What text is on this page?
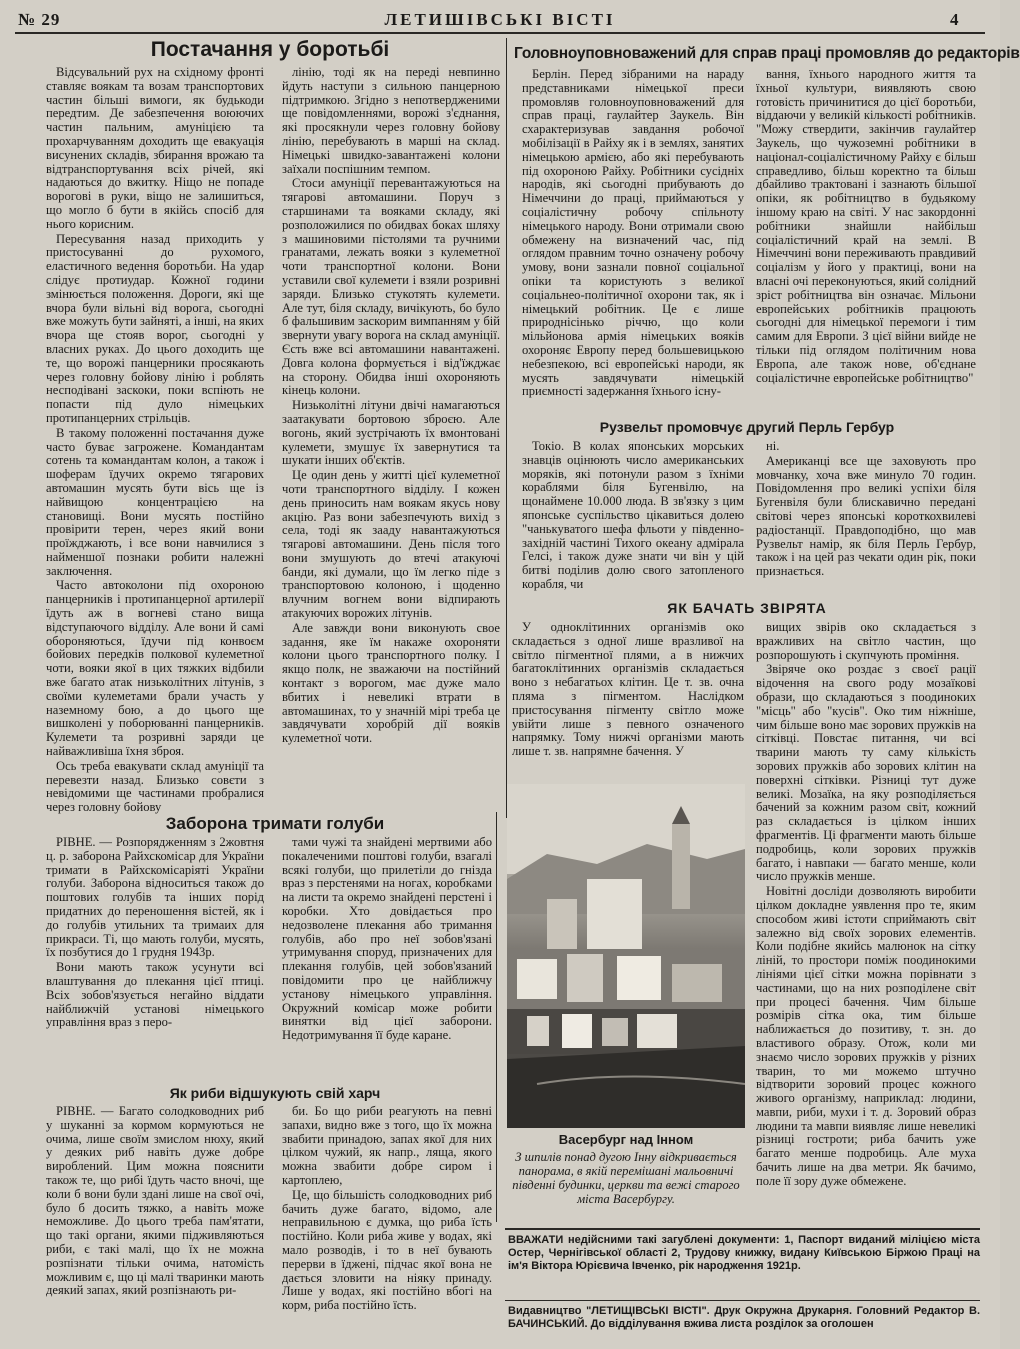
№ 29	ЛЕТИШІВСЬКІ ВІСТІ	4
Постачання у боротьбі

Відсувальний рух на східному фронті ставляє воякам та возам транспортових частин більші вимоги, як будькоди передтим. Де забезпечення воюючих частин пальним, амуніцією та прохарчуванням доходить ще евакуація висунених складів, збирання врожаю та відтранспортування всіх річей, які надаються до вжитку. Ніщо не попаде ворогові в руки, віщо не залишиться, що могло б бути в якійсь спосіб для нього корисним.

Пересування назад приходить у пристосуванні до рухомого, еластичного ведення боротьби. На удар слідує протиудар. Кожної години змінюється положення. Дороги, які ще вчора були вільні від ворога, сьогодні вже можуть бути зайняті, а інші, на яких вчора ще стояв ворог, сьогодні у власних руках. До цього доходить ще те, що ворожі панцерники просякають через головну бойову лінію і роблять несподівані заскоки, поки вспіють не попасти під дуло німецьких протипанцерних стрільців.

В такому положенні постачання дуже часто буває загрожене. Командантам сотень та командантам колон, а також і шоферам їдучих окремо тягарових автомашин мусять бути вісь ще із найвищою концентрацією на становищі. Вони мусять постійно провірити терен, через який вони проїжджають, і все вони навчилися з найменшої познаки робити належні заключення.

Часто автоколони під охороною панцерників і протипанцерної артилерії їдуть аж в вогневі стано вища відступаючого відділу. Але вони й самі обороняються, їдучи під конвоєм бойових передків полкової кулеметної чоти, вояки якої в цих тяжких відбили вже багато атак низьколітних літунів, з своїми кулеметами брали участь у наземному бою, а до цього ще вишколені у поборюванні панцерників. Кулемети та розривні заряди це найважливіша їхня зброя.

Ось треба евакувати склад амуніції та перевезти назад. Близько совєти з невідомими ще частинами пробралися через головну бойову

лінію, тоді як на переді невпинно йдуть наступи з сильною панцерною підтримкою. Згідно з непотвердженими ще повідомленнями, ворожі з'єднання, які просякнули через головну бойову лінію, перебувають в марші на склад. Німецькі швидко-завантажені колони заїхали поспішним темпом.

Стоси амуніції перевантажуються на тягарові автомашини. Поруч з старшинами та вояками складу, які розположилися по обидвах боках шляху з машиновими пістолями та ручними гранатами, лежать вояки з кулеметної чоти транспортної колони. Вони уставили свої кулемети і взяли розривні заряди. Близько стукотять кулемети. Але тут, біля складу, вичікують, бо було б фальшивим заскорим вимпанням у бій звернути увагу ворога на склад амуніції. Єсть вже всі автомашини навантажені. Довга колона формується і від'їжджає на сторону. Обидва інші охороняють кінець колони.

Низьколітні літуни двічі намагаються заатакувати бортовою зброєю. Але вогонь, який зустрічають їх вмонтовані кулемети, змушує їх завернутися та шукати інших об'єктів.

Це один день у житті цієї кулеметної чоти транспортного відділу. І кожен день приносить нам воякам якусь нову акцію. Раз вони забезпечують вихід з села, тоді як зааду навантажуються тягарові автомашини. День після того вони змушують до втечі атакуючі банди, які думали, що їм легко піде з транспортовою колоною, і щоденно влучним вогнем вони відпирають атакуючих ворожих літунів.

Але завжди вони виконують свое задання, яке їм накаже охороняти колони цього транспортного полку. І якщо полк, не зважаючи на постійний контакт з ворогом, має дуже мало вбитих і невеликі втрати в автомашинах, то у значній мірі треба це завдячувати хоробрій дії вояків кулеметної чоти.

Головноуповноважений для справ праці промовляв до редакторів

Берлін. Перед зібраними на нараду представниками німецької преси промовляв головноуповноважений для справ праці, гаулайтер Заукель. Він схарактеризував завдання робочої мобілізації в Райху як і в землях, занятих німецькою армією, або які перебувають під охороною Райху. Робітники сусідніх народів, які сьогодні прибувають до Німеччини до праці, приймаються у соціалістичну робочу спільноту німецького народу. Вони отримали свою обмежену на визначений час, під оглядом правним точно означену робочу умову, вони зазнали повної соціальної опіки та користують з великої соціальнео-політичної охорони так, як і німецький робітник. Це є лише природнісінько річчю, що коли мільйонова армія німецьких вояків охороняє Европу перед большевицькою небезпекою, всі европейські народи, як мусять завдячувати німецькій приємності задержання їхнього існу-

вання, їхнього народного життя та їхньої культури, виявляють свою готовість причинитися до цієї боротьби, віддаючи у великій кількості робітників. "Можу ствердити, закінчив гаулайтер Заукель, що чужоземні робітники в націонал-соціалістичному Райху є більш справедливо, більш коректно та більш дбайливо трактовані і зазнають більшої опіки, як робітництво в будьякому іншому краю на світі. У нас закордонні робітники знайшли найбільш соціалістичний край на землі. В Німеччині вони переживають правдивий соціалізм у його у практиці, вони на власні очі переконуються, який солідний зріст робітництва він означає. Мільони европейських робітників працюють сьогодні для німецької перемоги і тим самим для Европи. З цієї війни вийде не тільки під оглядом політичним нова Европа, але також нове, об'єднане соціалістичне европейське робітництво"

Рузвельт промовчує другий Перль Гербур

Токіо. В колах японських морських знавців оцінюють число американських моряків, які потонули разом з їхніми кораблями біля Бугенвілю, на щонаймене 10.000 люда. В зв'язку з цим японське суспільство цікавиться долею "чанькуватого шефа фльоти у південно-західній частині Тихого океану адмірала Гелсі, і також дуже знати чи він у цій битві поділив долю свого затопленого корабля, чи

ні.

Американці все ще заховують про мовчанку, хоча вже минуло 70 годин. Повідомлення про великі успіхи біля Бугенвіля були блискавично передані світові через японські короткохвилеві радіостанції. Правдоподібно, що мав Рузвельт намір, як біля Перль Гербур, також і на цей раз чекати один рік, поки признається.

ЯК БАЧАТЬ ЗВІРЯТА

У одноклітинних організмів око складається з одної лише вразливої на світло пігментної плями, а в нижчих багатоклітинних організмів складається воно з небагатьох клітин. Це т. зв. очна пляма з пігментом. Наслідком пристосування пігменту світло може увійти лише з певного означеного напрямку. Тому нижчі організми мають лише т. зв. напрямне бачення. У

вищих звірів око складається з вражливих на світло частин, що розпорошують і скупчують проміння.

Звіряче око роздає з своєї рації відочення на свого роду мозаїкові образи, що складаються з поодиноких "місць" або "кусів". Око тим ніжніше, чим більше воно має зорових пружків на сітківці. Повстає питання, чи всі тварини мають ту саму кількість зорових пружків або зорових клітин на поверхні сітківки. Різниці тут дуже великі. Мозаїка, на яку розподіляється бачений за кожним разом світ, кожний раз складається із цілком інших фрагментів. Ці фрагменти мають більше подробиць, коли зорових пружків багато, і навпаки — багато менше, коли число пружків менше.

Новітні досліди дозволяють виробити цілком докладне уявлення про те, яким способом живі істоти сприймають світ залежно від своїх зорових елементів. Коли подібне якийсь малюнок на сітку ліній, то простори поміж поодинокими лініями цієї сітки можна порівнати з частинами, що на них розподілене світ при процесі бачення. Чим більше розмірів сітка ока, тим більше наближається до позитиву, т. зн. до властивого образу. Отож, коли ми знаємо число зорових пружків у різних тварин, то ми можемо штучно відтворити зоровий процес кожного живого організму, наприклад: людини, мавпи, риби, мухи і т. д. Зоровий образ людини та мавпи виявляє лише невеликі різниці гостроти; риба бачить уже багато менше подробиць. Але муха бачить лише на два метри. Як бачимо, поле її зору дуже обмежене.

Васербург над Інном
З шпилів понад дугою Інну відкривається панорама, в якій перемішані мальовничі південні будинки, церкви та вежі старого міста Васербургу.
Заборона тримати голуби

РІВНЕ. — Розпорядженням з 2жовтня ц. р. заборона Райхскомісар для України тримати в Райхскомісаріяті України голуби. Заборона відноситься також до поштових голубів та інших порід придатних до переношення вістей, як і до голубів утильних та тримаих для прикраси. Ті, що мають голуби, мусять, їх позбутися до 1 грудня 1943р.

Вони мають також усунути всі влаштування до плекання цієї птиці. Всіх зобов'язується негайно віддати найближчій установі німецького управління враз з перо-

тами чужі та знайдені мертвими або покалеченими поштові голуби, взагалі всякі голуби, що прилетіли до гнізда враз з перстенями на ногах, коробками на листи та окремо знайдені перстені і коробки. Хто довідається про недозволене плекання або тримання голубів, або про неї зобов'язані утримування споруд, призначених для плекання голубів, цей зобов'язаний повідомити про це найближчу установу німецького управління. Окружний комісар може робити винятки від цієї заборони. Недотримування її буде каране.

Як риби відшукують свій харч

РІВНЕ. — Багато солодководних риб у шуканні за кормом кормуються не очима, лише своїм змислом нюху, який у деяких риб навіть дуже добре вироблений. Цим можна пояснити також те, що рибі їдуть часто вночі, ще коли б вони були здані лише на свої очі, було б досить тяжко, а навіть може неможливе. До цього треба пам'ятати, що такі органи, якими підживляються риби, є такі малі, що їх не можна розпізнати тільки очима, натомість можливим є, що ці малі тваринки мають деякий запах, який розпізнають ри-

би. Бо що риби реагують на певні запахи, видно вже з того, що їх можна звабити принадою, запах якої для них цілком чужий, як напр., ляща, якого можна звабити добре сиром і картоплею,

Це, що більшість солодководних риб бачить дуже багато, відомо, але неправильною є думка, що риба їсть постійно. Коли риба живе у водах, які мало розводів, і то в неї бувають перерви в їджені, підчас якої вона не дається зловити на ніяку принаду. Лише у водах, які постійно вбогі на корм, риба постійно їсть.

ВВАЖАТИ недійсними такі загублені документи: 1, Паспорт виданий міліцією міста Остер, Чернігівської області 2, Трудову книжку, видану Київською Біржою Праці на ім'я Віктора Юрієвича Івченко, рік народження 1921р.
Видавництво "ЛЕТИЩІВСЬКІ ВІСТІ". Друк Окружна Друкарня. Головний Редактор В. БАЧИНСЬКИЙ. До відділування вжива листа розділок за оголошен
